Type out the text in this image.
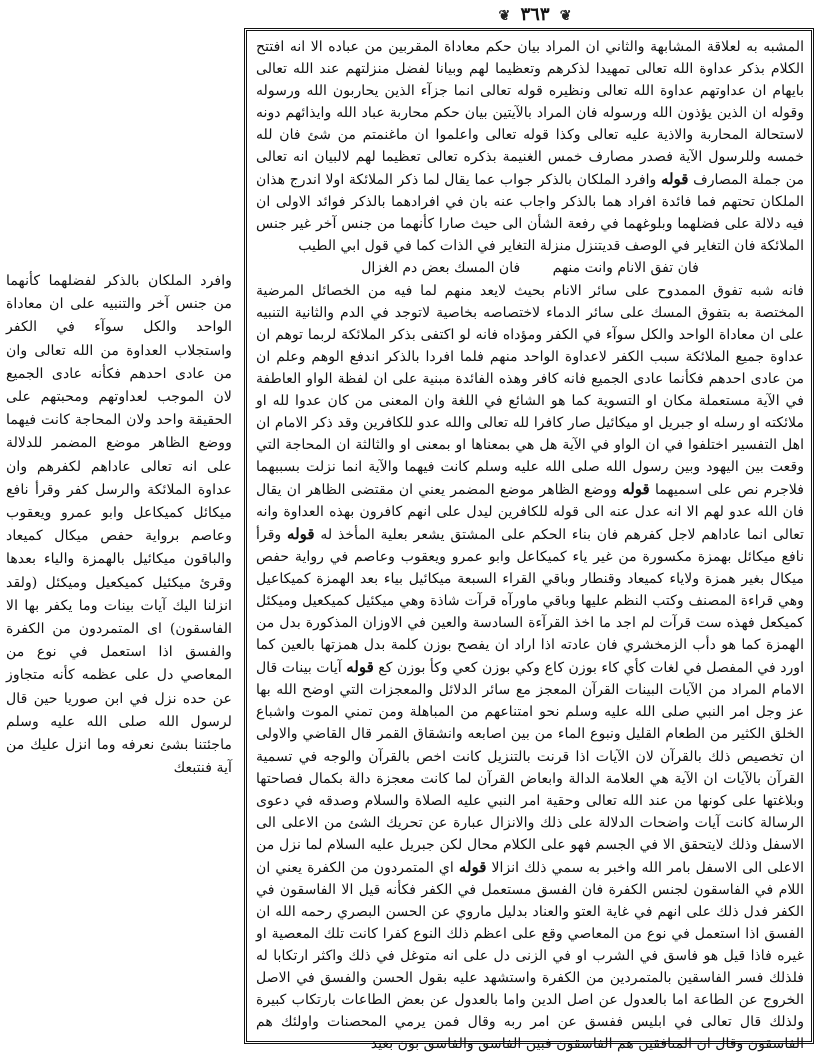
❦ ٣٦٣ ❦
وافرد الملكان بالذكر لفضلهما كأنهما من جنس آخر والتنبيه على ان معاداة الواحد والكل سوآء في الكفر واستجلاب العداوة من الله تعالى وان من عادى احدهم فكأنه عادى الجميع لان الموجب لعداوتهم ومحبتهم على الحقيقة واحد ولان المحاجة كانت فيهما ووضع الظاهر موضع المضمر للدلالة على انه تعالى عاداهم لكفرهم وان عداوة الملائكة والرسل كفر وقرأ نافع ميكائل كميكاعل وابو عمرو ويعقوب وعاصم برواية حفص ميكال كميعاد والباقون ميكائيل بالهمزة والياء بعدها وقرئ ميكئيل كميكعيل وميكئل (ولقد انزلنا اليك آيات بينات وما يكفر بها الا الفاسقون) اى المتمردون من الكفرة والفسق اذا استعمل في نوع من المعاصي دل على عظمه كأنه متجاوز عن حده نزل في ابن صوريا حين قال لرسول الله صلى الله عليه وسلم ماجئتنا بشئ نعرفه وما انزل عليك من آية فنتبعك

المشبه به لعلاقة المشابهة والثاني ان المراد بيان حكم معاداة المقربين من عباده الا انه افتتح الكلام بذكر عداوة الله تعالى تمهيدا لذكرهم وتعظيما لهم وبيانا لفضل منزلتهم عند الله تعالى بايهام ان عداوتهم عداوة الله تعالى ونظيره قوله تعالى انما جزآء الذين يحاربون الله ورسوله وقوله ان الذين يؤذون الله ورسوله فان المراد بالآيتين بيان حكم محاربة عباد الله وايذائهم دونه لاستحالة المحاربة والاذية عليه تعالى وكذا قوله تعالى واعلموا ان ماغنمتم من شئ فان لله خمسه وللرسول الآية فصدر مصارف خمس الغنيمة بذكره تعالى تعظيما لهم لالبيان انه تعالى من جملة المصارف قوله وافرد الملكان بالذكر جواب عما يقال لما ذكر الملائكة اولا اندرج هذان الملكان تحتهم فما فائدة افراد هما بالذكر واجاب عنه بان في افرادهما بالذكر فوائد الاولى ان فيه دلالة على فضلهما وبلوغهما في رفعة الشأن الى حيث صارا كأنهما من جنس آخر غير جنس الملائكة فان التغاير في الوصف قديتنزل منزلة التغاير في الذات كما في قول ابي الطيب

فان تفق الانام وانت منهم فان المسك بعض دم الغزال

فانه شبه تفوق الممدوح على سائر الانام بحيث لايعد منهم لما فيه من الخصائل المرضية المختصة به بتفوق المسك على سائر الدماء لاختصاصه بخاصية لاتوجد في الدم والثانية التنبيه على ان معاداة الواحد والكل سوآء في الكفر ومؤداه فانه لو اكتفى بذكر الملائكة لربما توهم ان عداوة جميع الملائكة سبب الكفر لاعداوة الواحد منهم فلما افردا بالذكر اندفع الوهم وعلم ان من عادى احدهم فكأنما عادى الجميع فانه كافر وهذه الفائدة مبنية على ان لفظة الواو العاطفة في الآية مستعملة مكان او التسوية كما هو الشائع في اللغة وان المعنى من كان عدوا لله او ملائكته او رسله او جبريل او ميكائيل صار كافرا لله تعالى والله عدو للكافرين وقد ذكر الامام ان اهل التفسير اختلفوا في ان الواو في الآية هل هي بمعناها او بمعنى او والثالثة ان المحاجة التي وقعت بين اليهود وبين رسول الله صلى الله عليه وسلم كانت فيهما والآية انما نزلت بسببهما فلاجرم نص على اسميهما قوله ووضع الظاهر موضع المضمر يعني ان مقتضى الظاهر ان يقال فان الله عدو لهم الا انه عدل عنه الى قوله للكافرين ليدل على انهم كافرون بهذه العداوة وانه تعالى انما عاداهم لاجل كفرهم فان بناء الحكم على المشتق يشعر بعلية المأخذ له قوله وقرأ نافع ميكائل بهمزة مكسورة من غير ياء كميكاعل وابو عمرو ويعقوب وعاصم في رواية حفص ميكال بغير همزة ولاياء كميعاد وقنطار وباقي القراء السبعة ميكائيل بياء بعد الهمزة كميكاعيل وهي قراءة المصنف وكتب النظم عليها وباقي ماورآه قرآت شاذة وهي ميكئيل كميكعيل وميكئل كميكعل فهذه ست قرآت لم اجد ما اخذ القرآءة السادسة والعين في الاوزان المذكورة بدل من الهمزة كما هو دأب الزمخشري فان عادته اذا اراد ان يفصح بوزن كلمة بدل همزتها بالعين كما اورد في المفصل في لغات كأي كاء بوزن كاع وكي بوزن كعي وكأ بوزن كع قوله آيات بينات قال الامام المراد من الآيات البينات القرآن المعجز مع سائر الدلائل والمعجزات التي اوضح الله بها عز وجل امر النبي صلى الله عليه وسلم نحو امتناعهم من المباهلة ومن تمني الموت واشباع الخلق الكثير من الطعام القليل ونبوع الماء من بين اصابعه وانشقاق القمر قال القاضي والاولى ان تخصيص ذلك بالقرآن لان الآيات اذا قرنت بالتنزيل كانت اخص بالقرآن والوجه في تسمية القرآن بالآيات ان الآية هي العلامة الدالة وابعاض القرآن لما كانت معجزة دالة بكمال فصاحتها وبلاغتها على كونها من عند الله تعالى وحقية امر النبي عليه الصلاة والسلام وصدقه في دعوى الرسالة كانت آيات واضحات الدلالة على ذلك والانزال عبارة عن تحريك الشئ من الاعلى الى الاسفل وذلك لايتحقق الا في الجسم فهو على الكلام محال لكن جبريل عليه السلام لما نزل من الاعلى الى الاسفل بامر الله واخبر به سمي ذلك انزالا قوله اي المتمردون من الكفرة يعني ان اللام في الفاسقون لجنس الكفرة فان الفسق مستعمل في الكفر فكأنه قيل الا الفاسقون في الكفر فدل ذلك على انهم في غاية العتو والعناد بدليل ماروي عن الحسن البصري رحمه الله ان الفسق اذا استعمل في نوع من المعاصي وقع على اعظم ذلك النوع كفرا كانت تلك المعصية او غيره فاذا قيل هو فاسق في الشرب او في الزنى دل على انه متوغل في ذلك واكثر ارتكابا له فلذلك فسر الفاسقين بالمتمردين من الكفرة واستشهد عليه بقول الحسن والفسق في الاصل الخروج عن الطاعة اما بالعدول عن اصل الدين واما بالعدول عن بعض الطاعات بارتكاب كبيرة ولذلك قال تعالى في ابليس ففسق عن امر ربه وقال فمن يرمي المحصنات واولئك هم الفاسقون وقال ان المنافقين هم الفاسقون فبين الفاسق والفاسق بون بعيد
